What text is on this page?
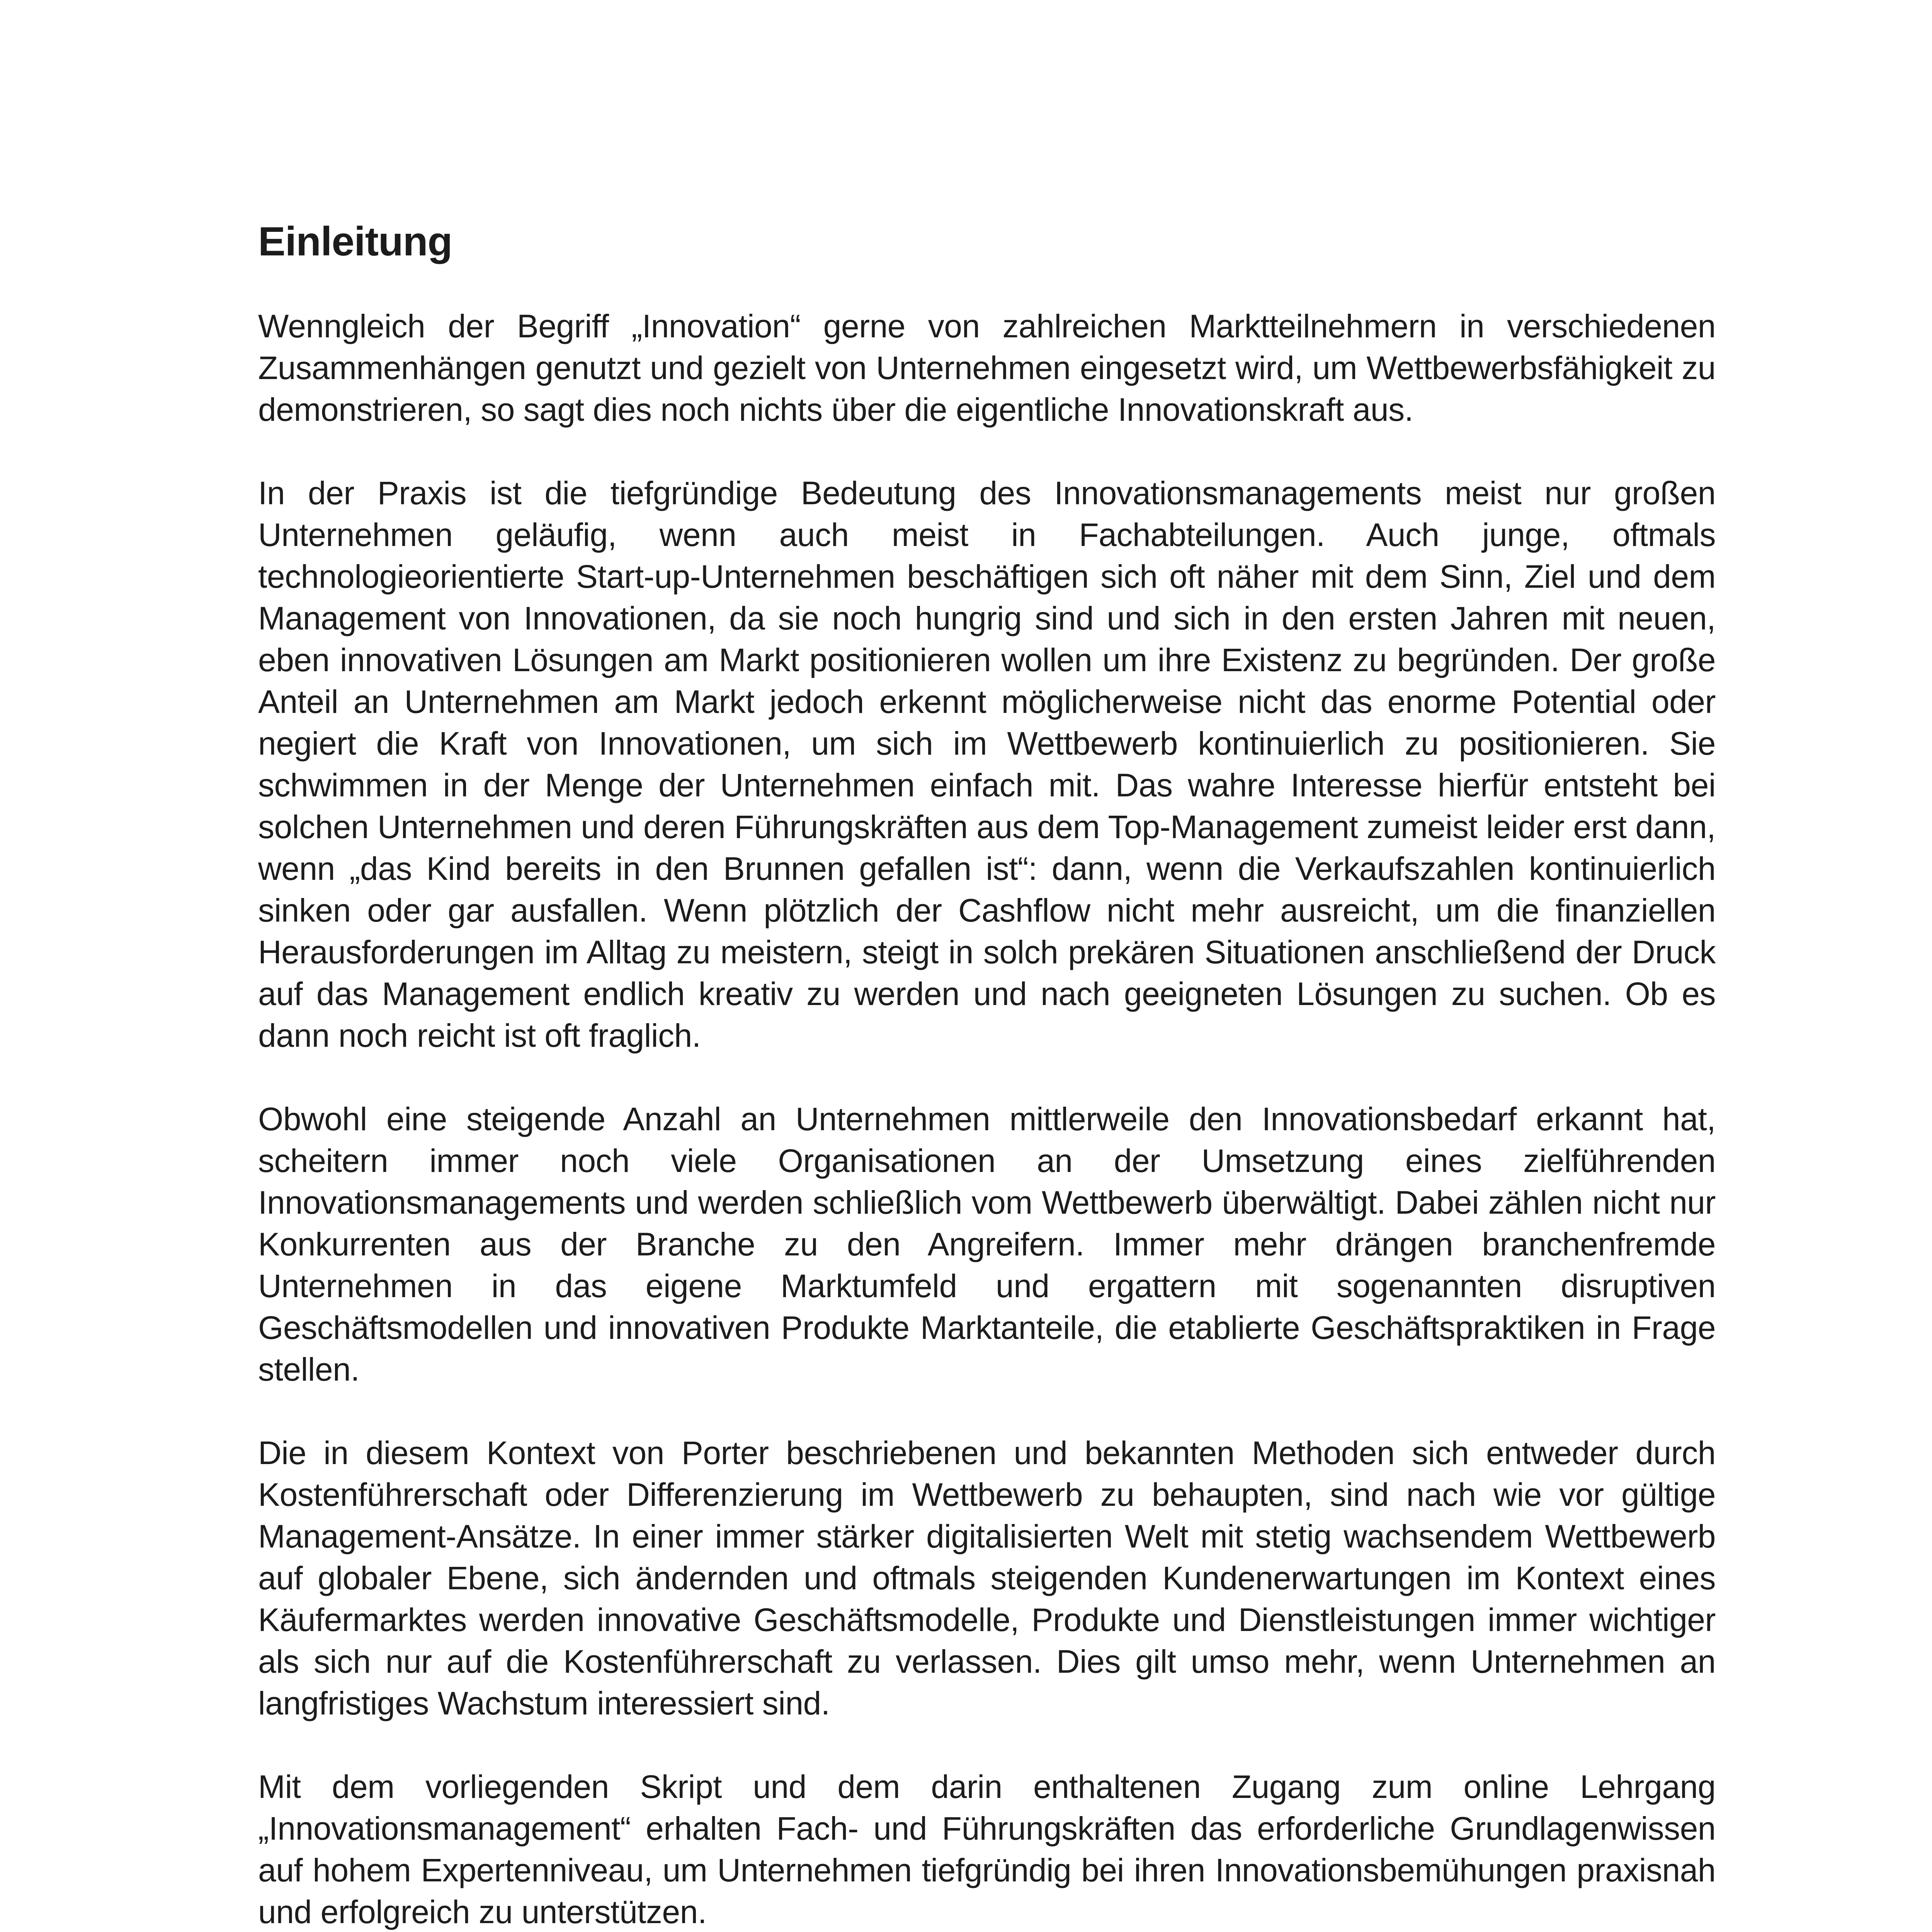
Einleitung

Wenngleich der Begriff „Innovation“ gerne von zahlreichen Marktteilnehmern in verschiedenen Zusammenhängen genutzt und gezielt von Unternehmen eingesetzt wird, um Wettbewerbsfähigkeit zu demonstrieren, so sagt dies noch nichts über die eigentliche Innovationskraft aus.

In der Praxis ist die tiefgründige Bedeutung des Innovationsmanagements meist nur großen Unternehmen geläufig, wenn auch meist in Fachabteilungen. Auch junge, oftmals technologieorientierte Start-up-Unternehmen beschäftigen sich oft näher mit dem Sinn, Ziel und dem Management von Innovationen, da sie noch hungrig sind und sich in den ersten Jahren mit neuen, eben innovativen Lösungen am Markt positionieren wollen um ihre Existenz zu begründen. Der große Anteil an Unternehmen am Markt jedoch erkennt möglicherweise nicht das enorme Potential oder negiert die Kraft von Innovationen, um sich im Wettbewerb kontinuierlich zu positionieren. Sie schwimmen in der Menge der Unternehmen einfach mit. Das wahre Interesse hierfür entsteht bei solchen Unternehmen und deren Führungskräften aus dem Top-Management zumeist leider erst dann, wenn „das Kind bereits in den Brunnen gefallen ist“: dann, wenn die Verkaufszahlen kontinuierlich sinken oder gar ausfallen. Wenn plötzlich der Cashflow nicht mehr ausreicht, um die finanziellen Herausforderungen im Alltag zu meistern, steigt in solch prekären Situationen anschließend der Druck auf das Management endlich kreativ zu werden und nach geeigneten Lösungen zu suchen. Ob es dann noch reicht ist oft fraglich.

Obwohl eine steigende Anzahl an Unternehmen mittlerweile den Innovationsbedarf erkannt hat, scheitern immer noch viele Organisationen an der Umsetzung eines zielführenden Innovationsmanagements und werden schließlich vom Wettbewerb überwältigt. Dabei zählen nicht nur Konkurrenten aus der Branche zu den Angreifern. Immer mehr drängen branchenfremde Unternehmen in das eigene Marktumfeld und ergattern mit sogenannten disruptiven Geschäftsmodellen und innovativen Produkte Marktanteile, die etablierte Geschäftspraktiken in Frage stellen.

Die in diesem Kontext von Porter beschriebenen und bekannten Methoden sich entweder durch Kostenführerschaft oder Differenzierung im Wettbewerb zu behaupten, sind nach wie vor gültige Management-Ansätze. In einer immer stärker digitalisierten Welt mit stetig wachsendem Wettbewerb auf globaler Ebene, sich ändernden und oftmals steigenden Kundenerwartungen im Kontext eines Käufermarktes werden innovative Geschäftsmodelle, Produkte und Dienstleistungen immer wichtiger als sich nur auf die Kostenführerschaft zu verlassen. Dies gilt umso mehr, wenn Unternehmen an langfristiges Wachstum interessiert sind.

Mit dem vorliegenden Skript und dem darin enthaltenen Zugang zum online Lehrgang „Innovationsmanagement“ erhalten Fach- und Führungskräften das erforderliche Grundlagenwissen auf hohem Expertenniveau, um Unternehmen tiefgründig bei ihren Innovationsbemühungen praxisnah und erfolgreich zu unterstützen.
